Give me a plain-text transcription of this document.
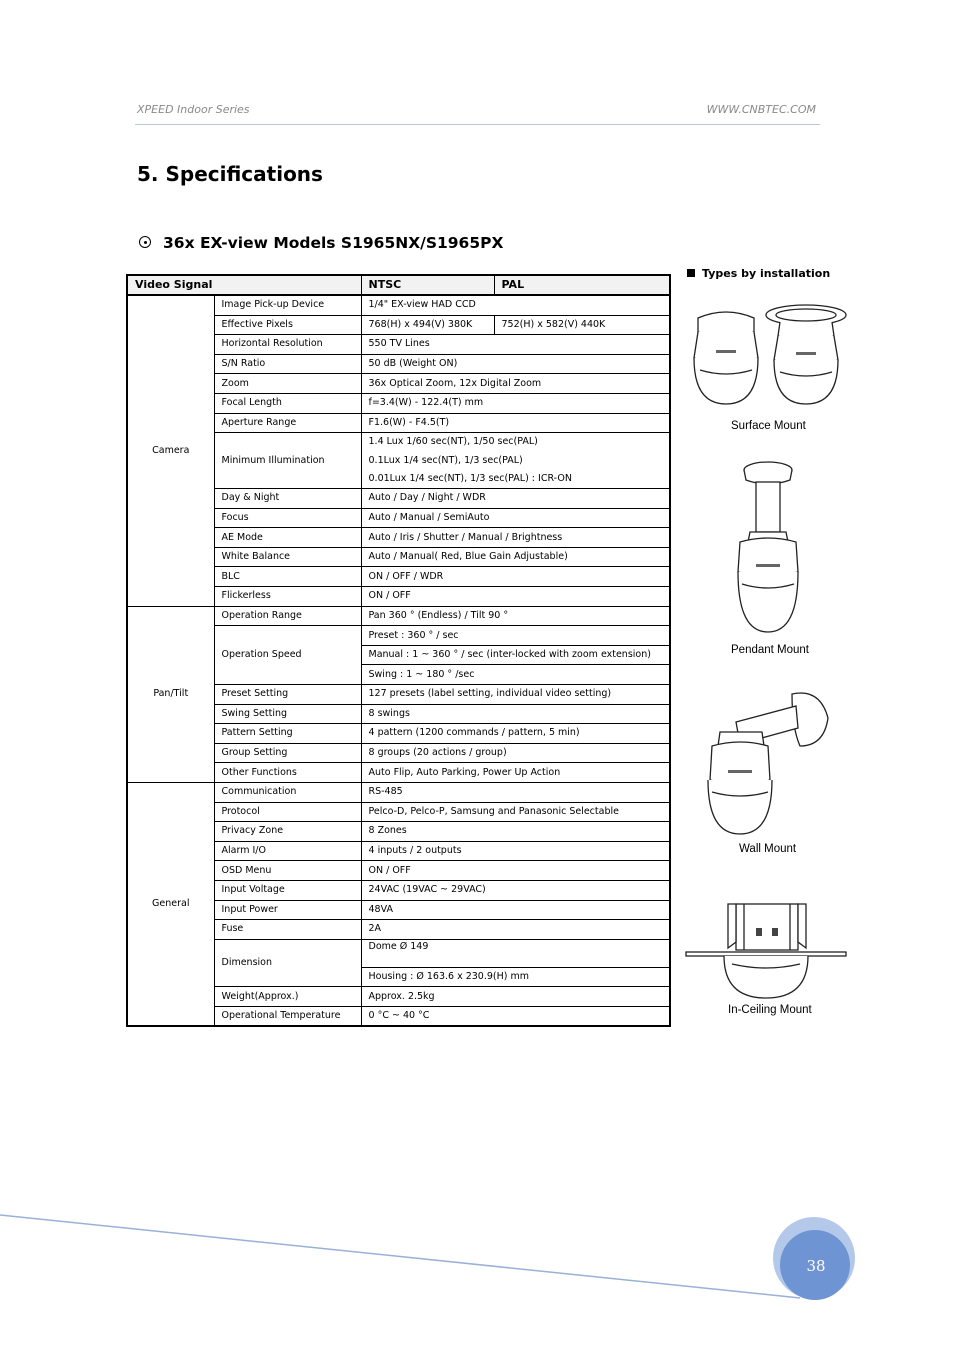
XPEED Indoor Series	WWW.CNBTEC.COM
5. Specifications
36x EX-view Models S1965NX/S1965PX
Video Signal		NTSC	PAL
Camera	Image Pick-up Device	1/4" EX-view HAD CCD	
	Effective Pixels	768(H) x 494(V) 380K	752(H) x 582(V) 440K
	Horizontal Resolution	550 TV Lines	
	S/N Ratio	50 dB (Weight ON)	
	Zoom	36x Optical Zoom, 12x Digital Zoom	
	Focal Length	f=3.4(W) - 122.4(T) mm	
	Aperture Range	F1.6(W) - F4.5(T)	
	Minimum Illumination	1.4 Lux 1/60 sec(NT), 1/50 sec(PAL)	
		0.1Lux 1/4 sec(NT), 1/3 sec(PAL)	
		0.01Lux 1/4 sec(NT), 1/3 sec(PAL) : ICR-ON	
	Day & Night	Auto / Day / Night / WDR	
	Focus	Auto / Manual / SemiAuto	
	AE Mode	Auto / Iris / Shutter / Manual / Brightness	
	White Balance	Auto / Manual( Red, Blue Gain Adjustable)	
	BLC	ON / OFF / WDR	
	Flickerless	ON / OFF	
Pan/Tilt	Operation Range	Pan 360 ° (Endless) / Tilt 90 °	
	Operation Speed	Preset : 360 ° / sec	
		Manual : 1 ~ 360 ° / sec (inter-locked with zoom extension)	
		Swing : 1 ~ 180 ° /sec	
	Preset Setting	127 presets (label setting, individual video setting)	
	Swing Setting	8 swings	
	Pattern Setting	4 pattern (1200 commands / pattern, 5 min)	
	Group Setting	8 groups (20 actions / group)	
	Other Functions	Auto Flip, Auto Parking, Power Up Action	
General	Communication	RS-485	
	Protocol	Pelco-D, Pelco-P, Samsung and Panasonic Selectable	
	Privacy Zone	8 Zones	
	Alarm I/O	4 inputs / 2 outputs	
	OSD Menu	ON / OFF	
	Input Voltage	24VAC (19VAC ~ 29VAC)	
	Input Power	48VA	
	Fuse	2A	
	Dimension	Dome Ø 149	
		Housing : Ø 163.6 x 230.9(H) mm	
	Weight(Approx.)	Approx. 2.5kg	
	Operational Temperature	0 °C ~ 40 °C	
Types by installation
Surface Mount
Pendant Mount
Wall Mount
In-Ceiling Mount
38
